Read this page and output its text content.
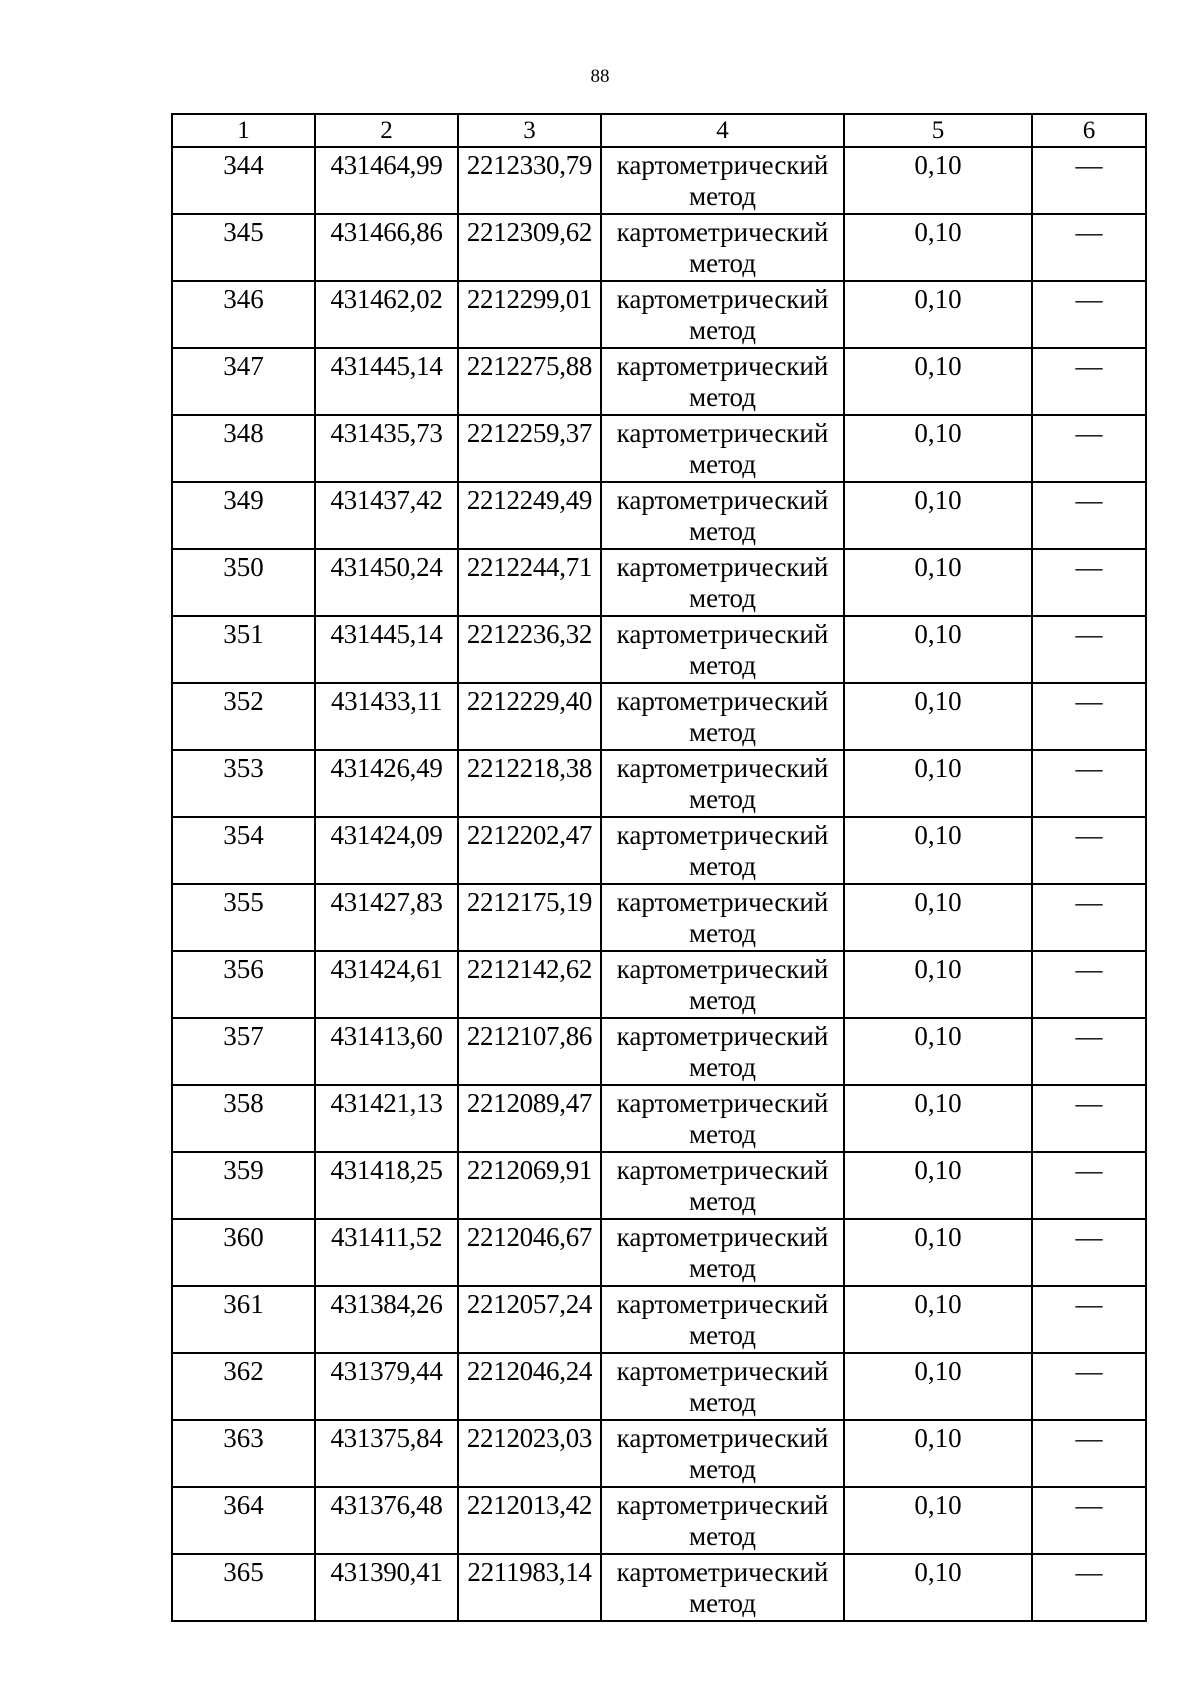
88
1	2	3	4	5	6
344	431464,99	2212330,79	картометрический метод	0,10	—
345	431466,86	2212309,62	картометрический метод	0,10	—
346	431462,02	2212299,01	картометрический метод	0,10	—
347	431445,14	2212275,88	картометрический метод	0,10	—
348	431435,73	2212259,37	картометрический метод	0,10	—
349	431437,42	2212249,49	картометрический метод	0,10	—
350	431450,24	2212244,71	картометрический метод	0,10	—
351	431445,14	2212236,32	картометрический метод	0,10	—
352	431433,11	2212229,40	картометрический метод	0,10	—
353	431426,49	2212218,38	картометрический метод	0,10	—
354	431424,09	2212202,47	картометрический метод	0,10	—
355	431427,83	2212175,19	картометрический метод	0,10	—
356	431424,61	2212142,62	картометрический метод	0,10	—
357	431413,60	2212107,86	картометрический метод	0,10	—
358	431421,13	2212089,47	картометрический метод	0,10	—
359	431418,25	2212069,91	картометрический метод	0,10	—
360	431411,52	2212046,67	картометрический метод	0,10	—
361	431384,26	2212057,24	картометрический метод	0,10	—
362	431379,44	2212046,24	картометрический метод	0,10	—
363	431375,84	2212023,03	картометрический метод	0,10	—
364	431376,48	2212013,42	картометрический метод	0,10	—
365	431390,41	2211983,14	картометрический метод	0,10	—
